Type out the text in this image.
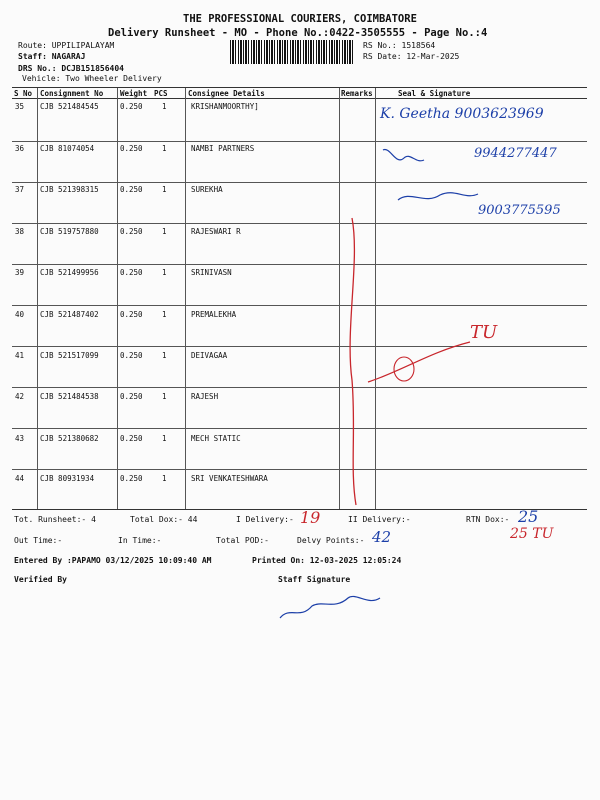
THE PROFESSIONAL COURIERS, COIMBATORE
Delivery Runsheet - MO - Phone No.:0422-3505555 - Page No.:4
Route: UPPILIPALAYAM
Staff: NAGARAJ
DRS No.: DCJB151856404
Vehicle: Two Wheeler Delivery
RS No.: 1518564
RS Date: 12-Mar-2025
S No Consignment No Weight PCS	Consignee Details	Remarks	Seal & Signature
35 CJB 521484545	0.250	1	KRISHANMOORTHY]
36 CJB 81074054	0.250	1	NAMBI PARTNERS
37 CJB 521398315	0.250	1	SUREKHA
38 CJB 519757880	0.250	1	RAJESWARI R
39 CJB 521499956	0.250	1	SRINIVASN
40 CJB 521487402	0.250	1	PREMALEKHA
41 CJB 521517099	0.250	1	DEIVAGAA
42 CJB 521484538	0.250	1	RAJESH
43 CJB 521380682	0.250	1	MECH STATIC
44 CJB 80931934	0.250	1	SRI VENKATESHWARA
K. Geetha 9003623969
9944277447
9003775595
TU
Tot. Runsheet:- 4	Total Dox:- 44	I Delivery:- 19	II Delivery:-	RTN Dox:- 25
25 TU
Out Time:-	In Time:-	Total POD:-	Delvy Points:- 42
Entered By :PAPAMO 03/12/2025 10:09:40 AM	Printed On: 12-03-2025 12:05:24
Verified By	Staff Signature
